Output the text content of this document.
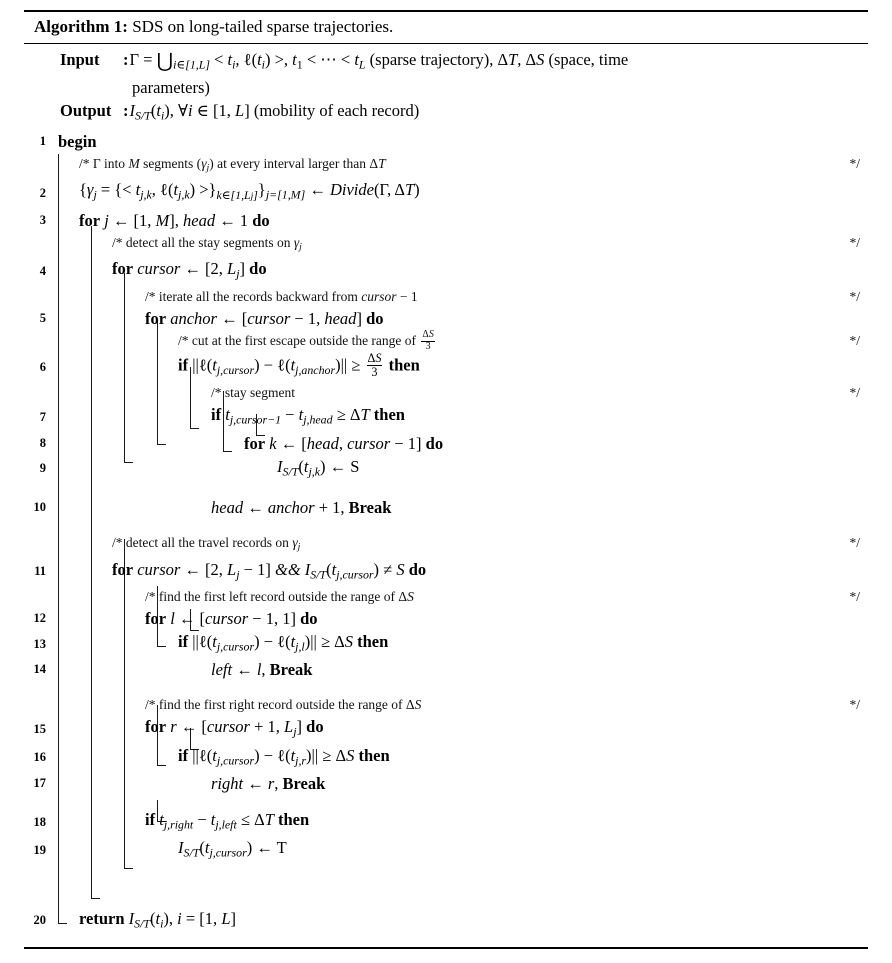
Algorithm 1: SDS on long-tailed sparse trajectories.
Input	: $\Gamma = ⋃_{i\in[1,L]} < t_i$, $\ell(t_i)$ >, $t_1$ < ⋯ < $t_L$ (sparse trajectory), ΔT, ΔS (space, time
parameters)
Output : $I_{S/T}(t_i)$, ∀i ∈ [1, L] (mobility of each record)
1 begin
/* Γ into M segments $(\gamma_j)$ at every interval larger than ΔT	*/
2	{$\gamma_j$ = {< $t_{j,k}$, $\ell(t_{j,k}) >\}_{k\in[1,Lj]}\}_{j=[1,M]}$ ← Divide(Γ, ΔT)
3	for j ← [1, M], head ← 1 do
/* detect all the stay segments on $\gamma_j$	*/
4	for cursor ← [2, $L_j$] do
/* iterate all the records backward from cursor − 1	*/
5	for anchor ← [cursor − 1, head] do
/* cut at the first escape outside the range of $\frac{\Delta S}{3}$	*/
6	if $||\ell(t_{j,cursor})$ − $\ell(t_{j,anchor})|| \ge \frac{\Delta S}{3}$ then
/* stay segment	*/
7	if $t_{j,cursor-1} - t_{j,head} \ge \Delta T$ then
8	for k ← [head, cursor − 1] do
9	$I_{S/T}(t_{j,k})$ ← S
10	head ← anchor + 1, Break
/* detect all the travel records on $\gamma_j$	*/
11	for cursor ← [2, $L_j - 1$] && $I_{S/T}(t_{j,cursor}) \ne S$ do
/* find the first left record outside the range of ΔS	*/
12	for l ← [cursor − 1, 1] do
13	if $||\ell(t_{j,cursor})$ − $\ell(t_{j,l})|| \ge \Delta S$ then
14	left ← l, Break
/* find the first right record outside the range of ΔS	*/
15	for r ← [cursor + 1, $L_j$] do
16	if $||\ell(t_{j,cursor})$ − $\ell(t_{j,r})|| \ge \Delta S$ then
17	right ← r, Break
18	if $t_{j,right} - t_{j,left} \le \Delta T$ then
19	$I_{S/T}(t_{j,cursor})$ ← T
20	return $I_{S/T}(t_i)$, i = [1, L]
